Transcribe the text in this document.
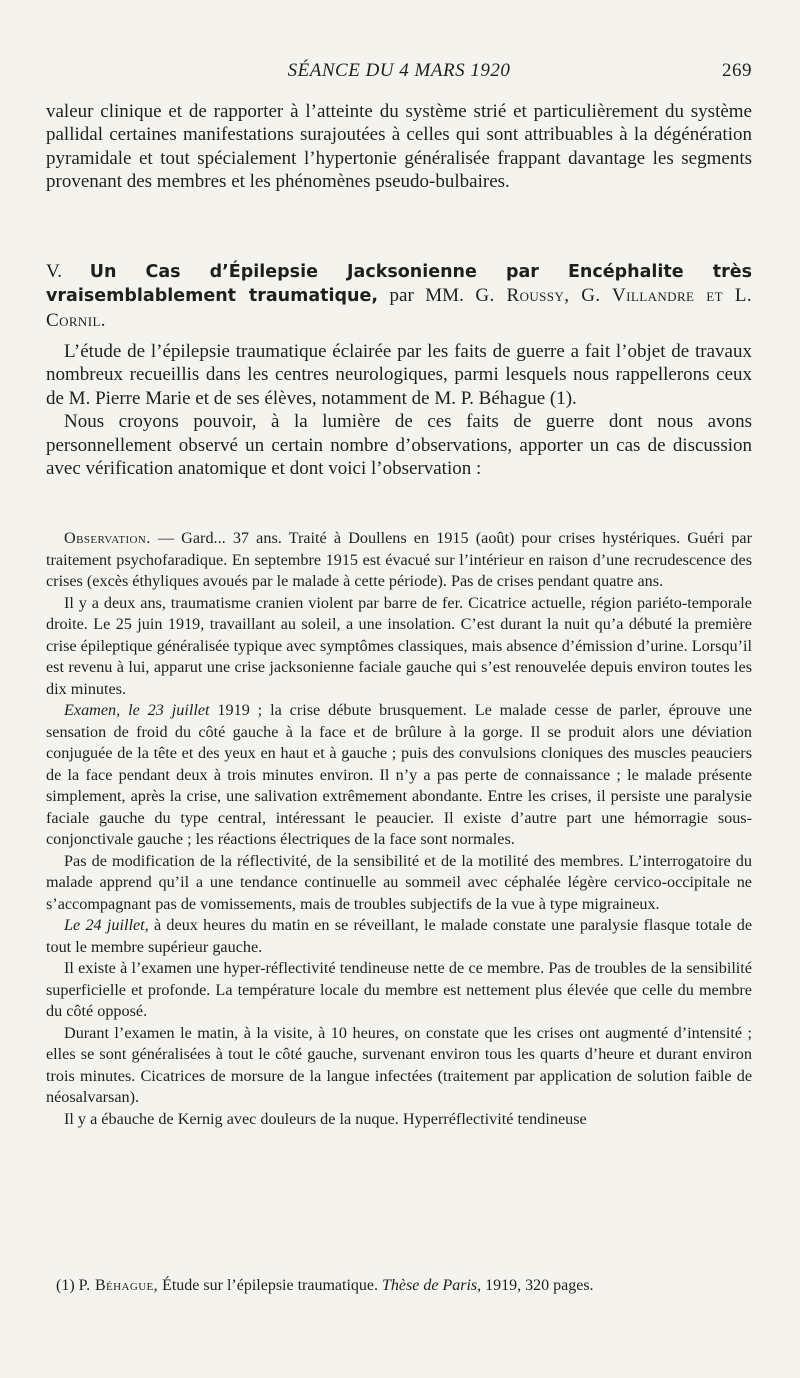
SÉANCE DU 4 MARS 1920	269

valeur clinique et de rapporter à l’atteinte du système strié et particulièrement du système pallidal certaines manifestations surajoutées à celles qui sont attribuables à la dégénération pyramidale et tout spécialement l’hypertonie généralisée frappant davantage les segments provenant des membres et les phénomènes pseudo-bulbaires.

V. Un Cas d’Épilepsie Jacksonienne par Encéphalite très vraisemblablement traumatique, par MM. G. Roussy, G. Villandre et L. Cornil.

L’étude de l’épilepsie traumatique éclairée par les faits de guerre a fait l’objet de travaux nombreux recueillis dans les centres neurologiques, parmi lesquels nous rappellerons ceux de M. Pierre Marie et de ses élèves, notamment de M. P. Béhague (1).

Nous croyons pouvoir, à la lumière de ces faits de guerre dont nous avons personnellement observé un certain nombre d’observations, apporter un cas de discussion avec vérification anatomique et dont voici l’observation :

Observation. — Gard... 37 ans. Traité à Doullens en 1915 (août) pour crises hystériques. Guéri par traitement psychofaradique. En septembre 1915 est évacué sur l’intérieur en raison d’une recrudescence des crises (excès éthyliques avoués par le malade à cette période). Pas de crises pendant quatre ans.

Il y a deux ans, traumatisme cranien violent par barre de fer. Cicatrice actuelle, région pariéto-temporale droite. Le 25 juin 1919, travaillant au soleil, a une insolation. C’est durant la nuit qu’a débuté la première crise épileptique généralisée typique avec symptômes classiques, mais absence d’émission d’urine. Lorsqu’il est revenu à lui, apparut une crise jacksonienne faciale gauche qui s’est renouvelée depuis environ toutes les dix minutes.

Examen, le 23 juillet 1919 ; la crise débute brusquement. Le malade cesse de parler, éprouve une sensation de froid du côté gauche à la face et de brûlure à la gorge. Il se produit alors une déviation conjuguée de la tête et des yeux en haut et à gauche ; puis des convulsions cloniques des muscles peauciers de la face pendant deux à trois minutes environ. Il n’y a pas perte de connaissance ; le malade présente simplement, après la crise, une salivation extrêmement abondante. Entre les crises, il persiste une paralysie faciale gauche du type central, intéressant le peaucier. Il existe d’autre part une hémorragie sous-conjonctivale gauche ; les réactions électriques de la face sont normales.

Pas de modification de la réflectivité, de la sensibilité et de la motilité des membres. L’interrogatoire du malade apprend qu’il a une tendance continuelle au sommeil avec céphalée légère cervico-occipitale ne s’accompagnant pas de vomissements, mais de troubles subjectifs de la vue à type migraineux.

Le 24 juillet, à deux heures du matin en se réveillant, le malade constate une paralysie flasque totale de tout le membre supérieur gauche.

Il existe à l’examen une hyper-réflectivité tendineuse nette de ce membre. Pas de troubles de la sensibilité superficielle et profonde. La température locale du membre est nettement plus élevée que celle du membre du côté opposé.

Durant l’examen le matin, à la visite, à 10 heures, on constate que les crises ont augmenté d’intensité ; elles se sont généralisées à tout le côté gauche, survenant environ tous les quarts d’heure et durant environ trois minutes. Cicatrices de morsure de la langue infectées (traitement par application de solution faible de néosalvarsan).

Il y a ébauche de Kernig avec douleurs de la nuque. Hyperréflectivité tendineuse

(1) P. Béhague, Étude sur l’épilepsie traumatique. Thèse de Paris, 1919, 320 pages.
